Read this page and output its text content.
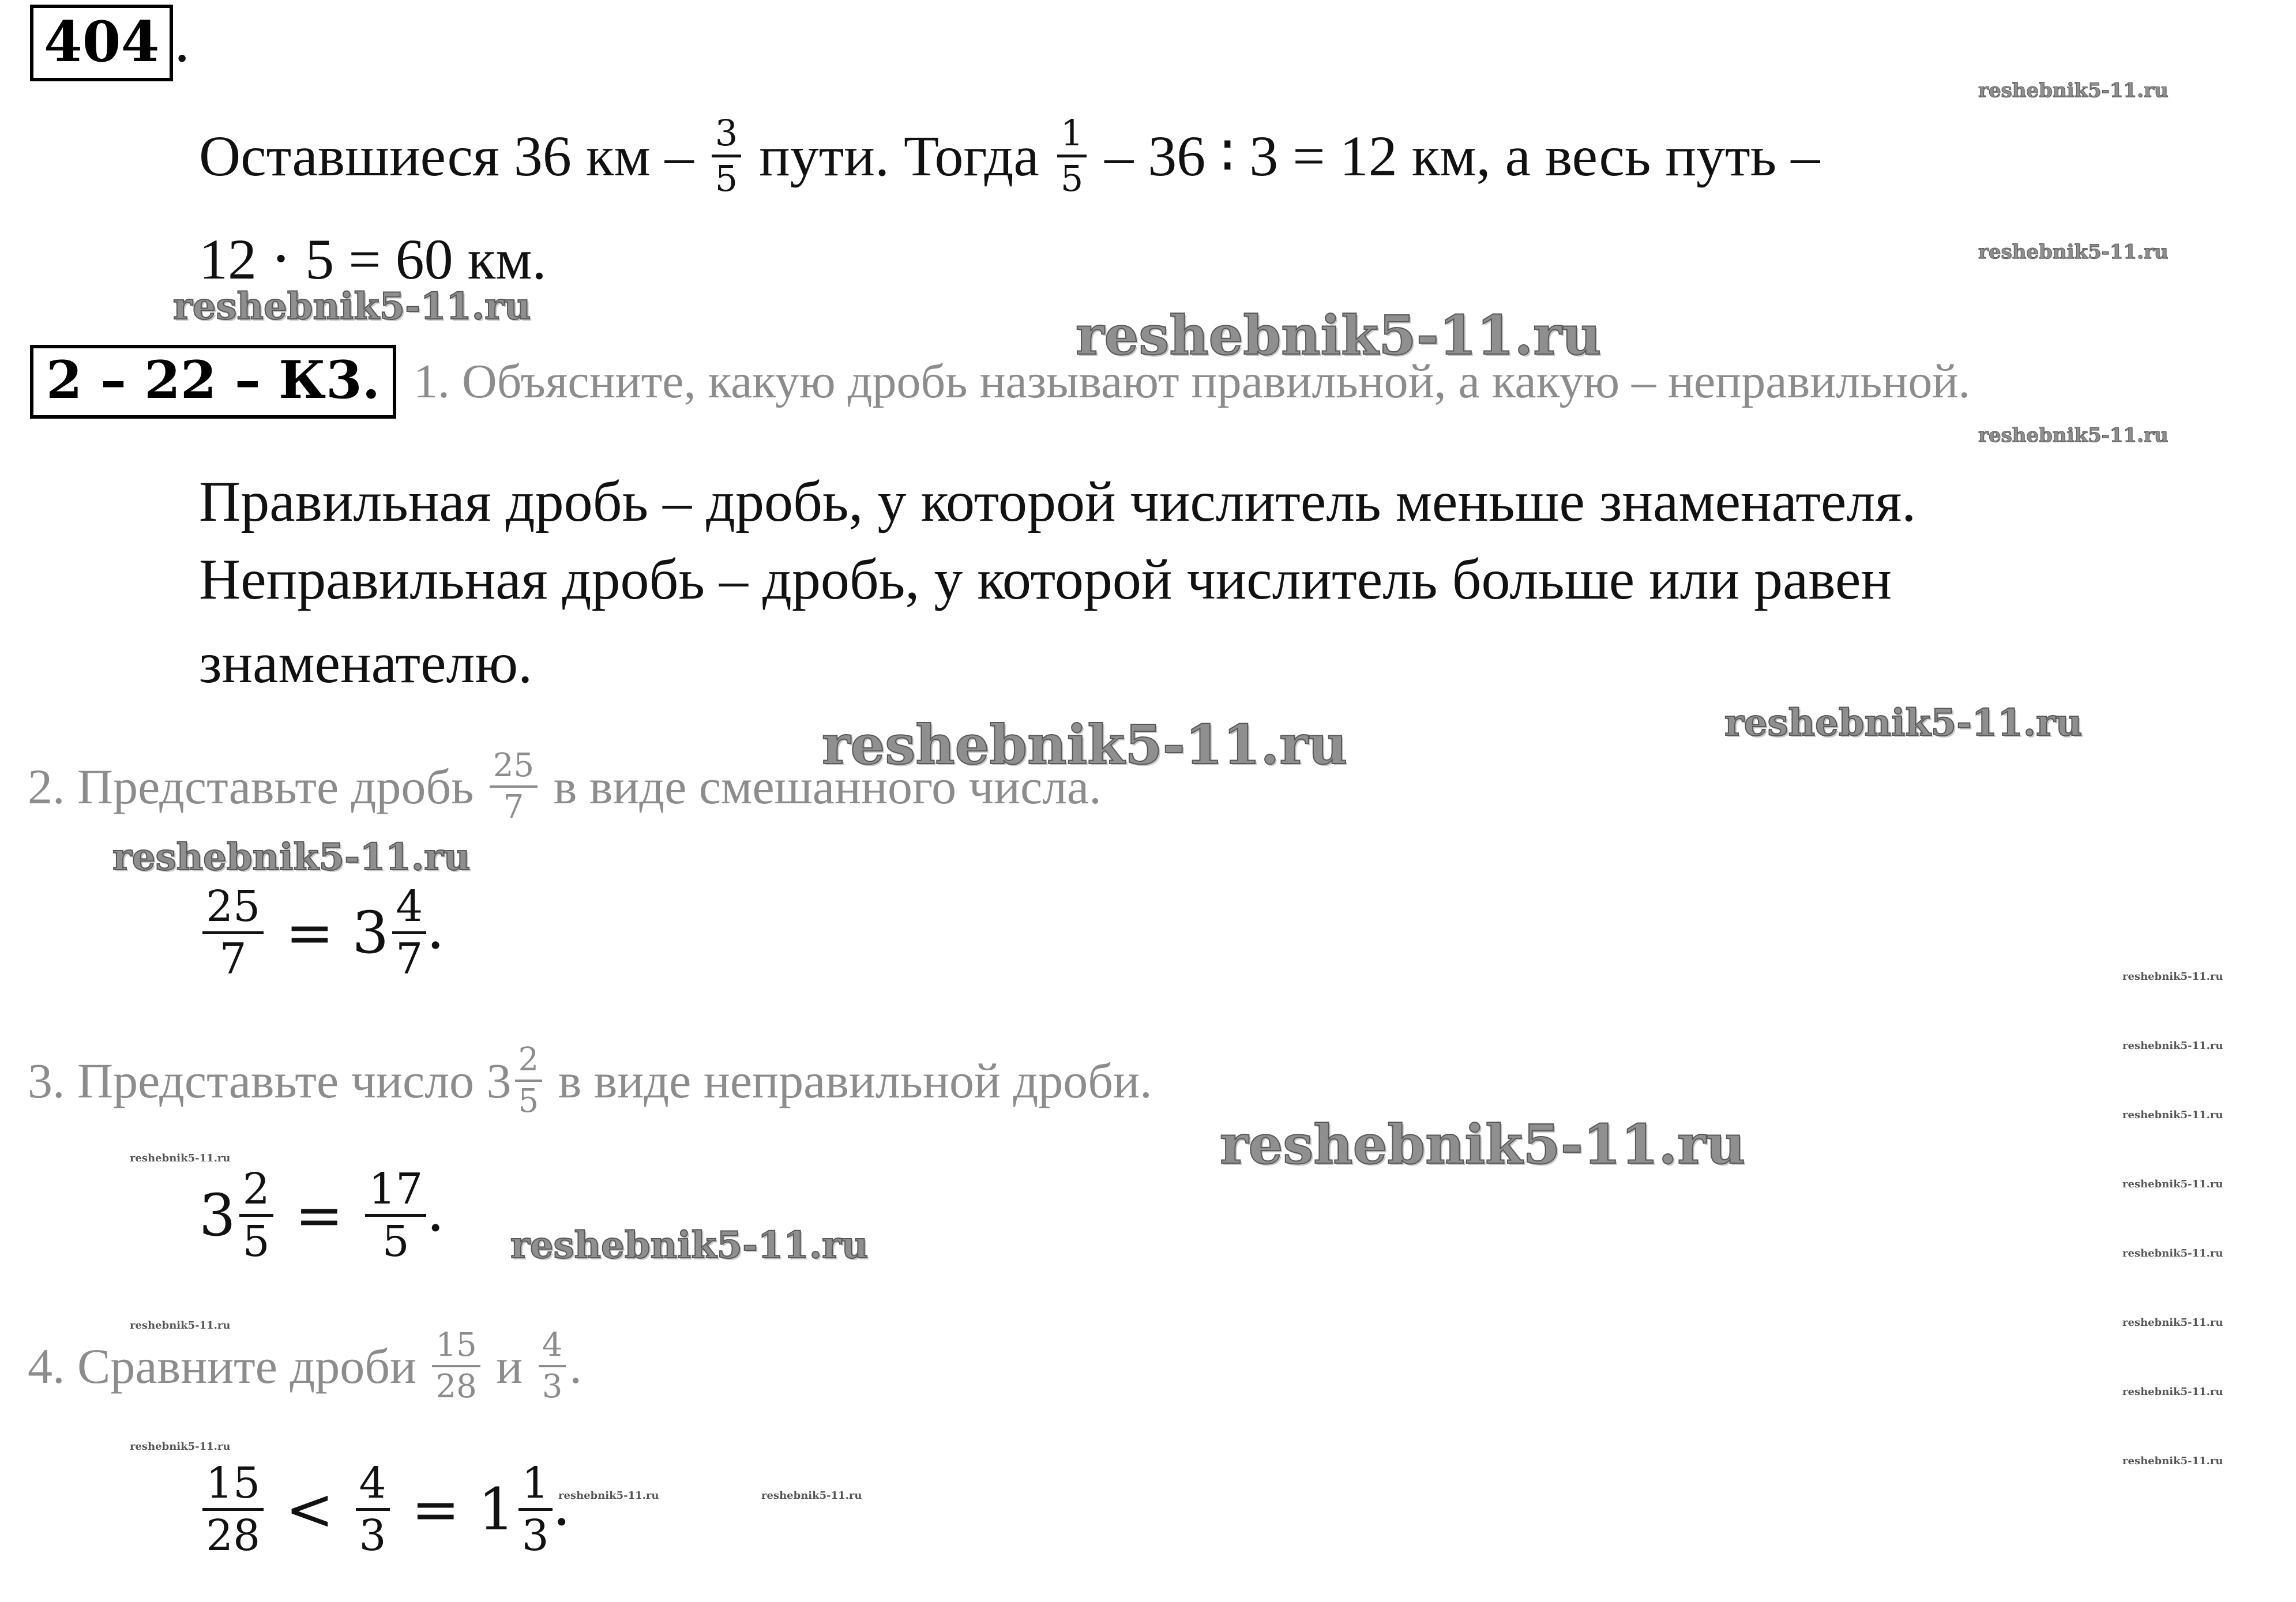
404 .
Оставшиеся 36 км – 3
5 пути. Тогда 1
5 – 36 ∶ 3 = 12 км, а весь путь –
12 ⋅ 5 = 60 км.
2 – 22 – К3. 1. Объясните, какую дробь называют правильной, а какую – неправильной.
Правильная дробь – дробь, у которой числитель меньше знаменателя.
Неправильная дробь – дробь, у которой числитель больше или равен
знаменателю.
2. Представьте дробь $\frac{25}{7}$ в виде смешанного числа.
25
7 = 3 4
7 .
3. Представьте число $3 \frac{2}{5}$ в виде неправильной дроби.
3 2
5 = 17
5 .
4. Сравните дроби $\frac{15}{28}$ и $\frac{4}{3}$ .
15
28 < 4
3 = 1 1
3 .
reshebnik5-11.ru
reshebnik5-11.ru
reshebnik5-11.ru	reshebnik5-11.ru
reshebnik5-11.ru
reshebnik5-11.ru
reshebnik5-11.ru
reshebnik5-11.ru
reshebnik5-11.ru
reshebnik5-11.ru
reshebnik5-11.ru
reshebnik5-11.ru
reshebnik5-11.ru
reshebnik5-11.ru	reshebnik5-11.ru
reshebnik5-11.ru
reshebnik5-11.ru
reshebnik5-11.ru
reshebnik5-11.ru
reshebnik5-11.ru
reshebnik5-11.ru
reshebnik5-11.ru
reshebnik5-11.ru
